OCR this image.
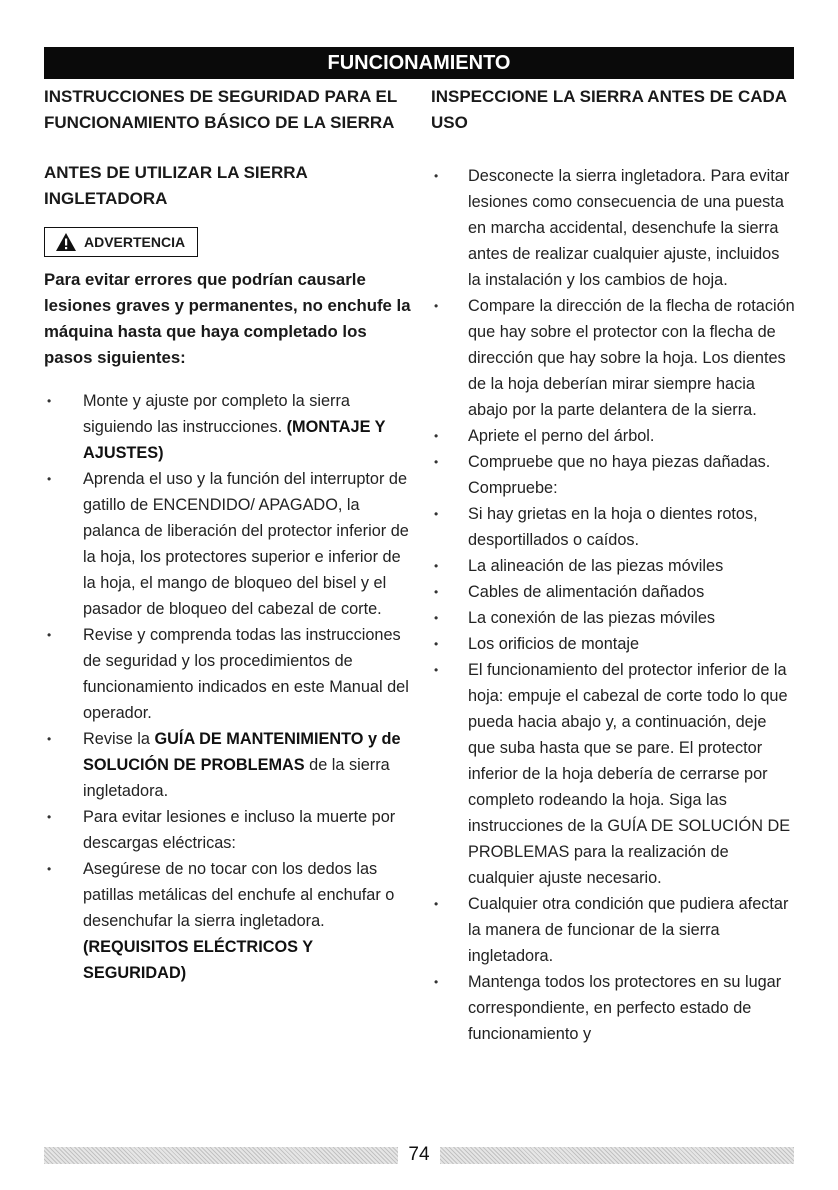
FUNCIONAMIENTO

INSTRUCCIONES DE SEGURIDAD PARA EL FUNCIONAMIENTO BÁSICO DE LA SIERRA

ANTES DE UTILIZAR LA SIERRA INGLETADORA

ADVERTENCIA

Para evitar errores que podrían causarle lesiones graves y permanentes, no enchufe la máquina hasta que haya completado los pasos siguientes:

• Monte y ajuste por completo la sierra siguiendo las instrucciones. (MONTAJE Y AJUSTES)
• Aprenda el uso y la función del interruptor de gatillo de ENCENDIDO/ APAGADO, la palanca de liberación del protector inferior de la hoja, los protectores superior e inferior de la hoja, el mango de bloqueo del bisel y el pasador de bloqueo del cabezal de corte.
• Revise y comprenda todas las instrucciones de seguridad y los procedimientos de funcionamiento indicados en este Manual del operador.
• Revise la GUÍA DE MANTENIMIENTO y de SOLUCIÓN DE PROBLEMAS de la sierra ingletadora.
• Para evitar lesiones e incluso la muerte por descargas eléctricas:
• Asegúrese de no tocar con los dedos las patillas metálicas del enchufe al enchufar o desenchufar la sierra ingletadora. (REQUISITOS ELÉCTRICOS Y SEGURIDAD)

INSPECCIONE LA SIERRA ANTES DE CADA USO

• Desconecte la sierra ingletadora. Para evitar lesiones como consecuencia de una puesta en marcha accidental, desenchufe la sierra antes de realizar cualquier ajuste, incluidos la instalación y los cambios de hoja.
• Compare la dirección de la flecha de rotación que hay sobre el protector con la flecha de dirección que hay sobre la hoja. Los dientes de la hoja deberían mirar siempre hacia abajo por la parte delantera de la sierra.
• Apriete el perno del árbol.
• Compruebe que no haya piezas dañadas. Compruebe:
• Si hay grietas en la hoja o dientes rotos, desportillados o caídos.
• La alineación de las piezas móviles
• Cables de alimentación dañados
• La conexión de las piezas móviles
• Los orificios de montaje
• El funcionamiento del protector inferior de la hoja: empuje el cabezal de corte todo lo que pueda hacia abajo y, a continuación, deje que suba hasta que se pare. El protector inferior de la hoja debería de cerrarse por completo rodeando la hoja. Siga las instrucciones de la GUÍA DE SOLUCIÓN DE PROBLEMAS para la realización de cualquier ajuste necesario.
• Cualquier otra condición que pudiera afectar la manera de funcionar de la sierra ingletadora.
• Mantenga todos los protectores en su lugar correspondiente, en perfecto estado de funcionamiento y
74
